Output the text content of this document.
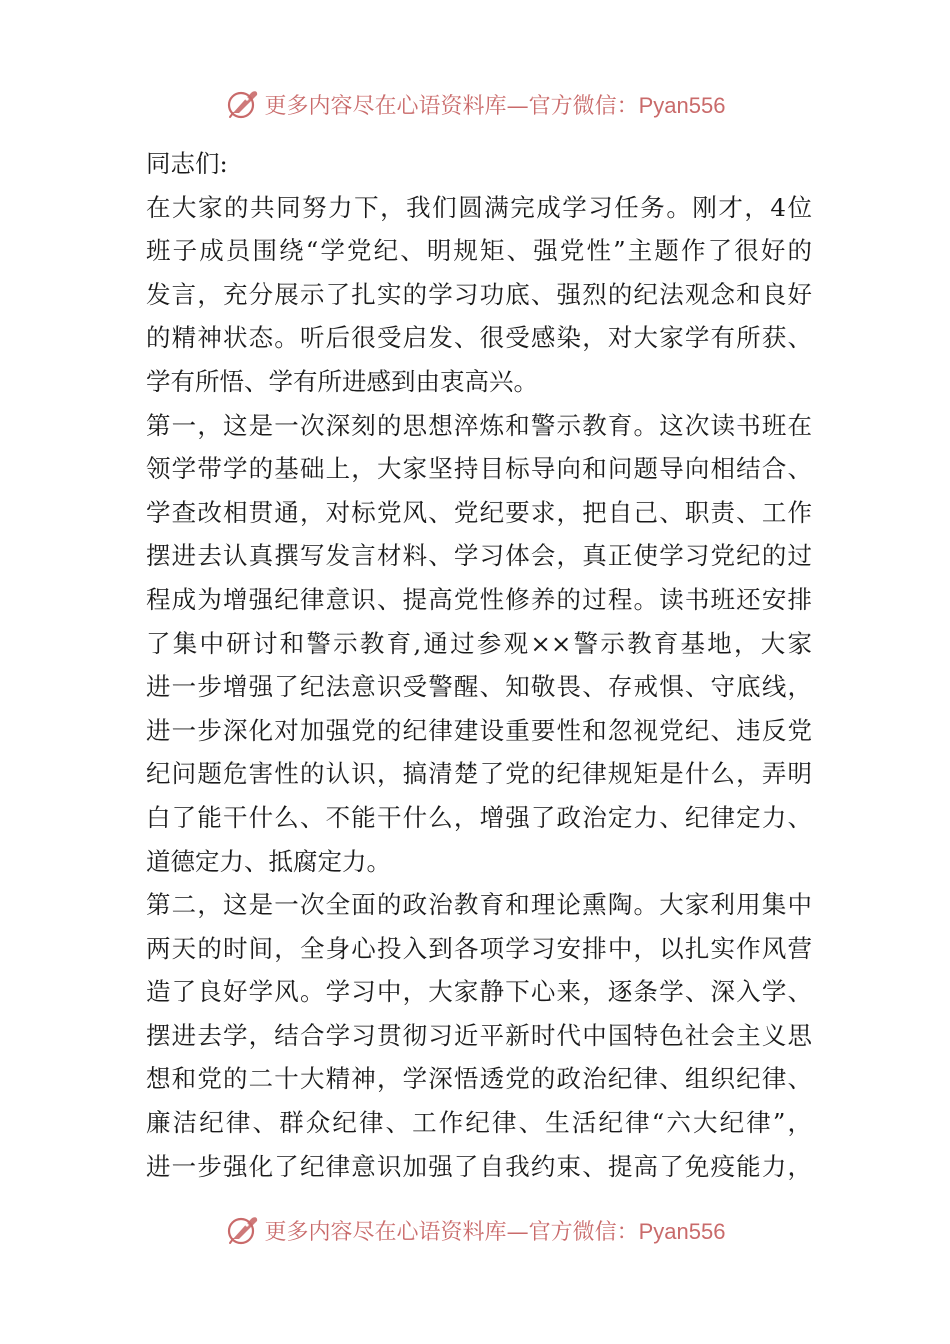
更多内容尽在心语资料库—官方微信：Pyan556
同志们:
在大家的共同努力下，我们圆满完成学习任务。刚才，4位
班子成员围绕“学党纪、明规矩、强党性”主题作了很好的
发言，充分展示了扎实的学习功底、强烈的纪法观念和良好
的精神状态。听后很受启发、很受感染，对大家学有所获、
学有所悟、学有所进感到由衷高兴。
第一，这是一次深刻的思想淬炼和警示教育。这次读书班在
领学带学的基础上，大家坚持目标导向和问题导向相结合、
学查改相贯通，对标党风、党纪要求，把自己、职责、工作
摆进去认真撰写发言材料、学习体会，真正使学习党纪的过
程成为增强纪律意识、提高党性修养的过程。读书班还安排
了集中研讨和警示教育,通过参观××警示教育基地，大家
进一步增强了纪法意识受警醒、知敬畏、存戒惧、守底线，
进一步深化对加强党的纪律建设重要性和忽视党纪、违反党
纪问题危害性的认识，搞清楚了党的纪律规矩是什么，弄明
白了能干什么、不能干什么，增强了政治定力、纪律定力、
道德定力、抵腐定力。
第二，这是一次全面的政治教育和理论熏陶。大家利用集中
两天的时间，全身心投入到各项学习安排中，以扎实作风营
造了良好学风。学习中，大家静下心来，逐条学、深入学、
摆进去学，结合学习贯彻习近平新时代中国特色社会主义思
想和党的二十大精神，学深悟透党的政治纪律、组织纪律、
廉洁纪律、群众纪律、工作纪律、生活纪律“六大纪律”，
进一步强化了纪律意识加强了自我约束、提高了免疫能力，
更多内容尽在心语资料库—官方微信：Pyan556
